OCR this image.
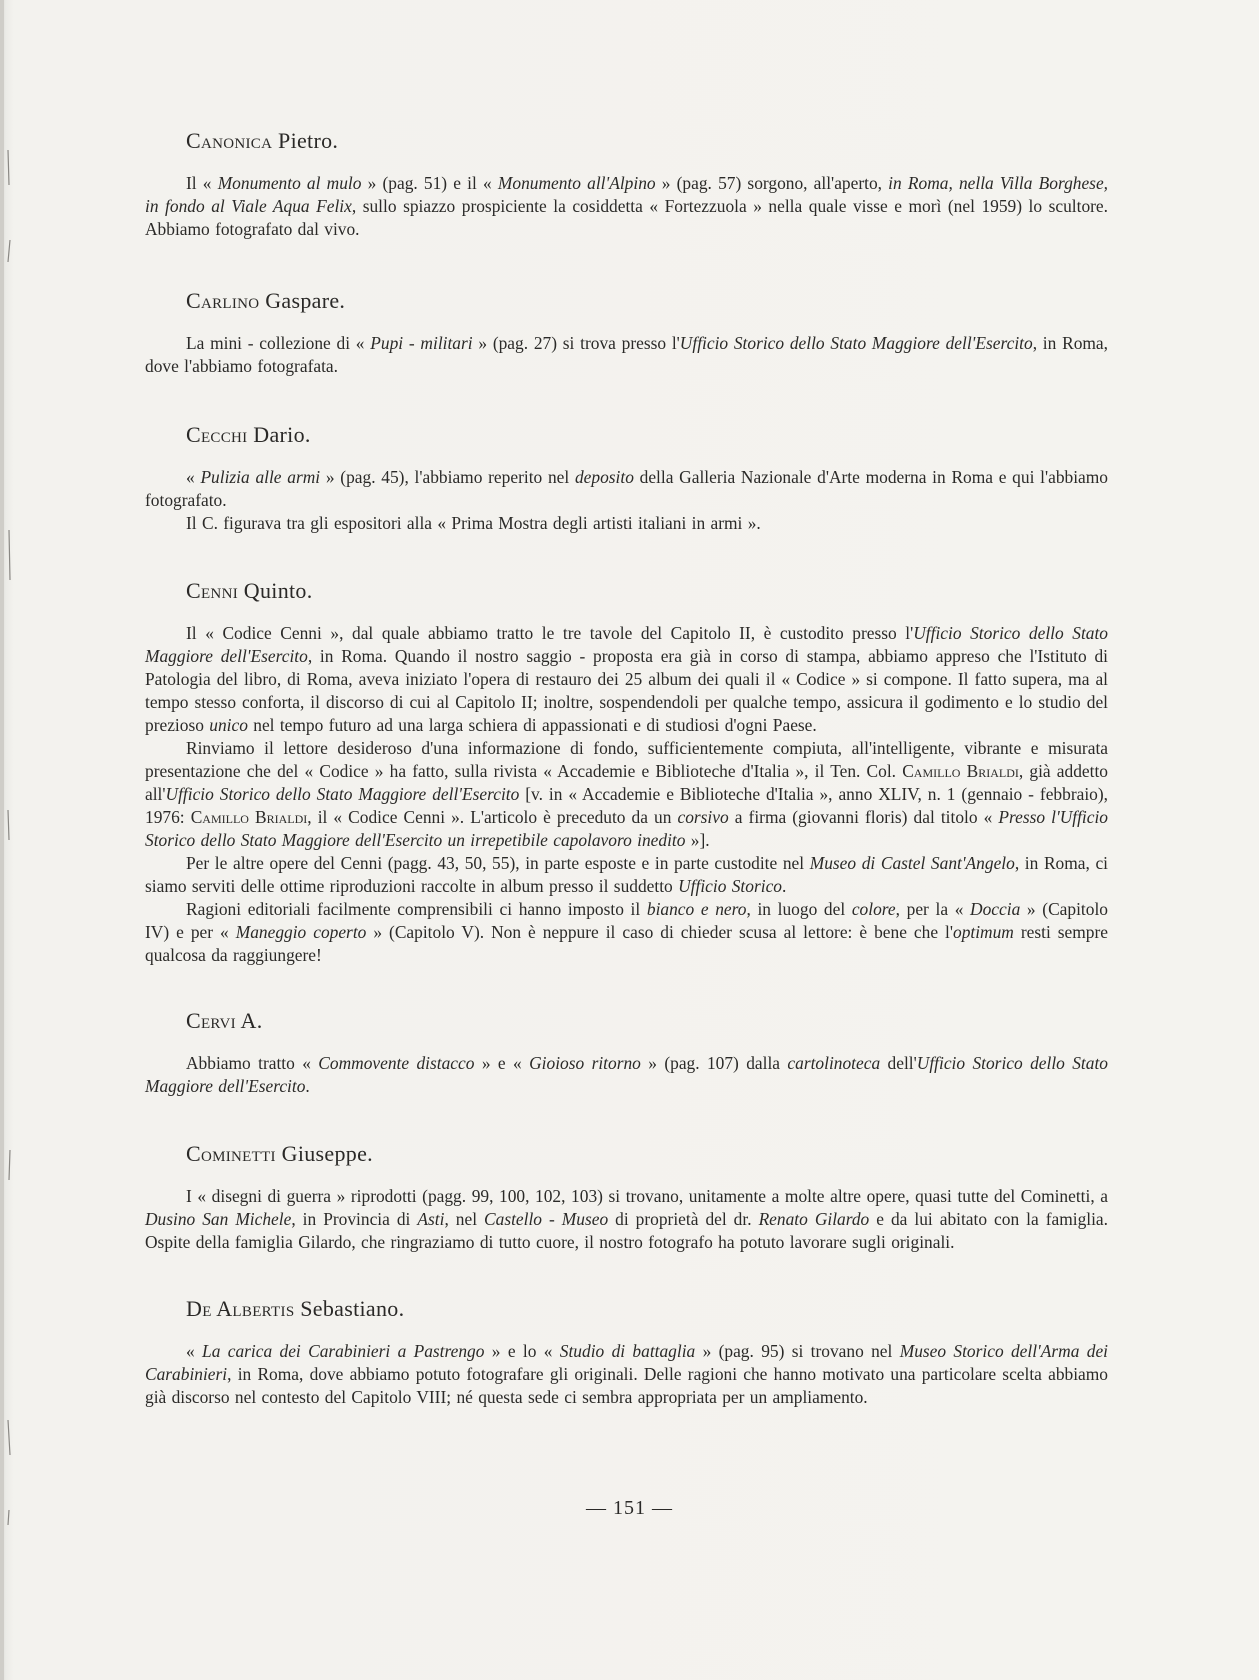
Canonica Pietro.

Il « Monumento al mulo » (pag. 51) e il « Monumento all'Alpino » (pag. 57) sorgono, all'aperto, in Roma, nella Villa Borghese, in fondo al Viale Aqua Felix, sullo spiazzo prospiciente la cosiddetta « Fortezzuola » nella quale visse e morì (nel 1959) lo scultore. Abbiamo fotografato dal vivo.

Carlino Gaspare.

La mini - collezione di « Pupi - militari » (pag. 27) si trova presso l'Ufficio Storico dello Stato Maggiore dell'Esercito, in Roma, dove l'abbiamo fotografata.

Cecchi Dario.

« Pulizia alle armi » (pag. 45), l'abbiamo reperito nel deposito della Galleria Nazionale d'Arte moderna in Roma e qui l'abbiamo fotografato.

Il C. figurava tra gli espositori alla « Prima Mostra degli artisti italiani in armi ».

Cenni Quinto.

Il « Codice Cenni », dal quale abbiamo tratto le tre tavole del Capitolo II, è custodito presso l'Ufficio Storico dello Stato Maggiore dell'Esercito, in Roma. Quando il nostro saggio - proposta era già in corso di stampa, abbiamo appreso che l'Istituto di Patologia del libro, di Roma, aveva iniziato l'opera di restauro dei 25 album dei quali il « Codice » si compone. Il fatto supera, ma al tempo stesso conforta, il discorso di cui al Capitolo II; inoltre, sospendendoli per qualche tempo, assicura il godimento e lo studio del prezioso unico nel tempo futuro ad una larga schiera di appassionati e di studiosi d'ogni Paese.

Rinviamo il lettore desideroso d'una informazione di fondo, sufficientemente compiuta, all'intelligente, vibrante e misurata presentazione che del « Codice » ha fatto, sulla rivista « Accademie e Biblioteche d'Italia », il Ten. Col. Camillo Brialdi, già addetto all'Ufficio Storico dello Stato Maggiore dell'Esercito [v. in « Accademie e Biblioteche d'Italia », anno XLIV, n. 1 (gennaio - febbraio), 1976: Camillo Brialdi, il « Codice Cenni ». L'articolo è preceduto da un corsivo a firma (giovanni floris) dal titolo « Presso l'Ufficio Storico dello Stato Maggiore dell'Esercito un irrepetibile capolavoro inedito »].

Per le altre opere del Cenni (pagg. 43, 50, 55), in parte esposte e in parte custodite nel Museo di Castel Sant'Angelo, in Roma, ci siamo serviti delle ottime riproduzioni raccolte in album presso il suddetto Ufficio Storico.

Ragioni editoriali facilmente comprensibili ci hanno imposto il bianco e nero, in luogo del colore, per la « Doccia » (Capitolo IV) e per « Maneggio coperto » (Capitolo V). Non è neppure il caso di chieder scusa al lettore: è bene che l'optimum resti sempre qualcosa da raggiungere!

Cervi A.

Abbiamo tratto « Commovente distacco » e « Gioioso ritorno » (pag. 107) dalla cartolinoteca dell'Ufficio Storico dello Stato Maggiore dell'Esercito.

Cominetti Giuseppe.

I « disegni di guerra » riprodotti (pagg. 99, 100, 102, 103) si trovano, unitamente a molte altre opere, quasi tutte del Cominetti, a Dusino San Michele, in Provincia di Asti, nel Castello - Museo di proprietà del dr. Renato Gilardo e da lui abitato con la famiglia. Ospite della famiglia Gilardo, che ringraziamo di tutto cuore, il nostro fotografo ha potuto lavorare sugli originali.

De Albertis Sebastiano.

« La carica dei Carabinieri a Pastrengo » e lo « Studio di battaglia » (pag. 95) si trovano nel Museo Storico dell'Arma dei Carabinieri, in Roma, dove abbiamo potuto fotografare gli originali. Delle ragioni che hanno motivato una particolare scelta abbiamo già discorso nel contesto del Capitolo VIII; né questa sede ci sembra appropriata per un ampliamento.

— 151 —
